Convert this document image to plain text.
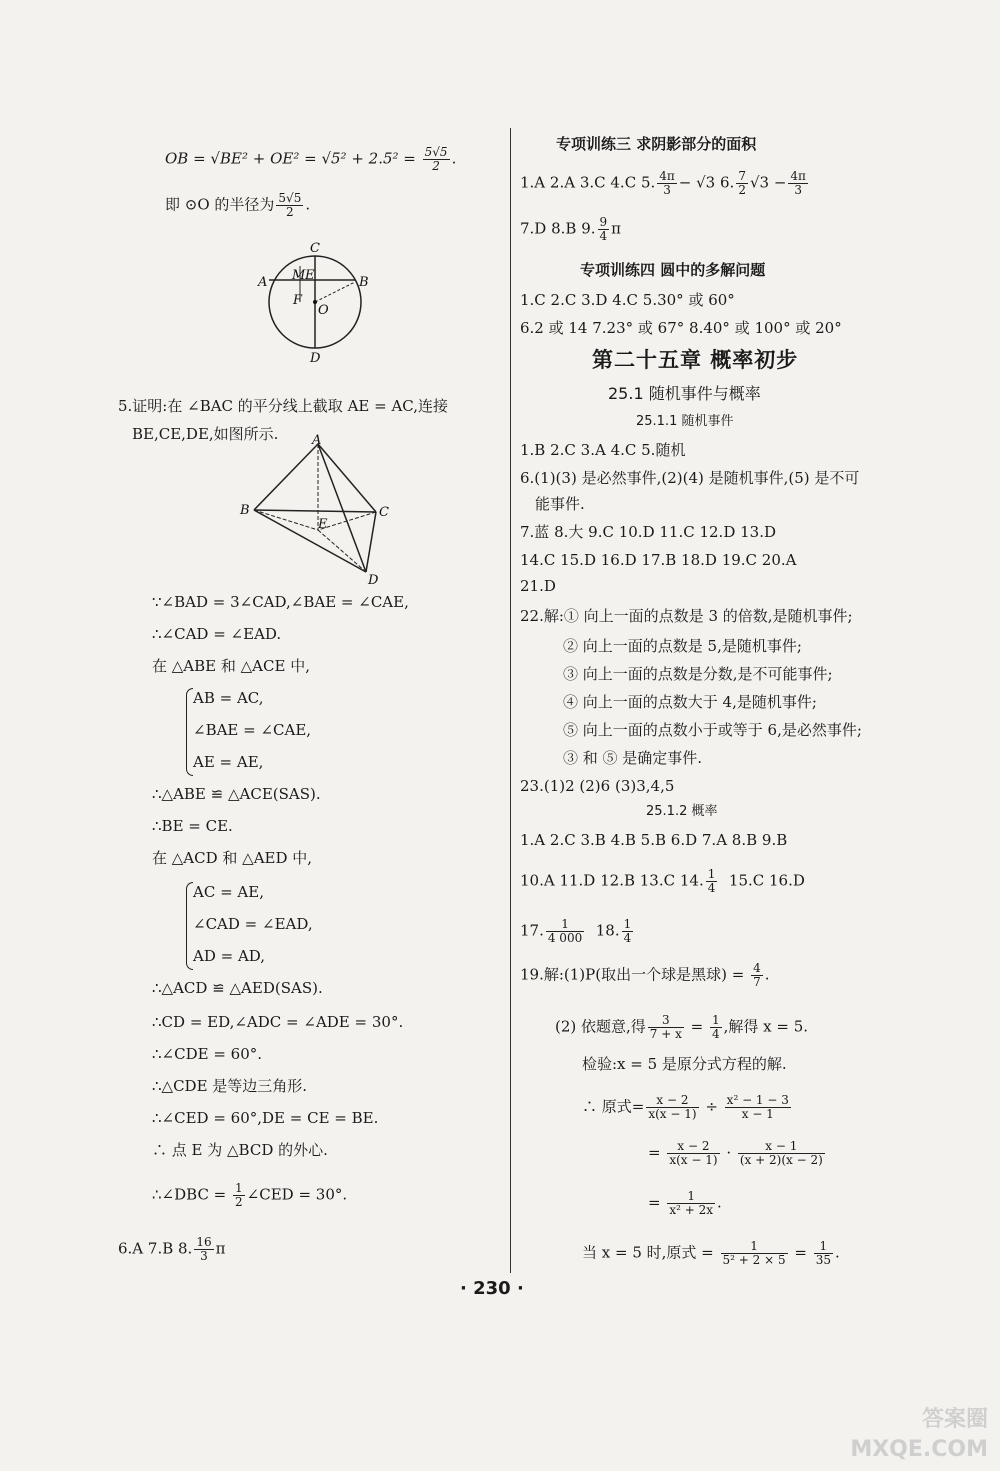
OB = $√BE^2 + OE^2 = √5^2 + 2.5^2 = \frac{5√5}{2}$ .
即 ⊙O 的半径为 $\frac{5√5}{2}$ .
C
A M E	B
F
O
D
5.证明:在 ∠BAC 的平分线上截取 AE = AC,连接
BE,CE,DE,如图所示.	A
B	C
E
D
∵∠BAD = 3∠CAD,∠BAE = ∠CAE,
∴∠CAD = ∠EAD.
在 △ABE 和 △ACE 中,
AB = AC,
∠BAE = ∠CAE,
AE = AE,
∴△ABE ≌ △ACE(SAS).
∴BE = CE.
在 △ACD 和 △AED 中,
AC = AE,
∠CAD = ∠EAD,
AD = AD,
∴△ACD ≌ △AED(SAS).
∴CD = ED,∠ADC = ∠ADE = 30°.
∴∠CDE = 60°.
∴△CDE 是等边三角形.
∴∠CED = 60°,DE = CE = BE.
∴ 点 E 为 △BCD 的外心.
∴∠DBC = $\frac{1}{2}$ ∠CED = 30°.
6.A 7.B 8. $\frac{16}{3}$ π
专项训练三 求阴影部分的面积
1.A 2.A 3.C 4.C 5. $\frac{4\pi}{3} - √3$ 6. $\frac{7}{2} √3 - \frac{4\pi}{3}$
7.D 8.B 9. $\frac{9}{4}$ π
专项训练四 圆中的多解问题
1.C 2.C 3.D 4.C 5.30° 或 60°
6.2 或 14 7.23° 或 67° 8.40° 或 100° 或 20°
第二十五章 概率初步
25.1 随机事件与概率
25.1.1 随机事件
1.B 2.C 3.A 4.C 5.随机
6.(1)(3) 是必然事件,(2)(4) 是随机事件,(5) 是不可
能事件.
7.蓝 8.大 9.C 10.D 11.C 12.D 13.D
14.C 15.D 16.D 17.B 18.D 19.C 20.A
21.D
22.解:① 向上一面的点数是 3 的倍数,是随机事件;
② 向上一面的点数是 5,是随机事件;
③ 向上一面的点数是分数,是不可能事件;
④ 向上一面的点数大于 4,是随机事件;
⑤ 向上一面的点数小于或等于 6,是必然事件;
③ 和 ⑤ 是确定事件.
23.(1)2 (2)6 (3)3,4,5
25.1.2 概率
1.A 2.C 3.B 4.B 5.B 6.D 7.A 8.B 9.B
10.A 11.D 12.B 13.C 14. $\frac{1}{4} 15.C$ 16.D
17. $\frac{1}{4 000} 18$. $\frac{1}{4}$
19.解:(1)P(取出一个球是黑球) = $\frac{4}{7}$ .
(2) 依题意,得 $\frac{3}{7 + x} = \frac{1}{4}$ ,解得 x = 5.
检验:x = 5 是原分式方程的解.
∴ 原式= $\frac{x - 2}{x(x - 1)} \div \frac{\text{x² − 1 − 3}}{x - 1}$
= $\frac{x - 2}{x(x - 1)} \cdot \frac{x - 1}{(x + 2)(x - 2)}$
= $\frac{1}{\text{x² + 2x}}$ .
当 x = 5 时,原式 = $\frac{1}{\text{5² + 2 × 5}} = \frac{1}{35}$ .
· 230 ·
答案圈
MXQE.COM
